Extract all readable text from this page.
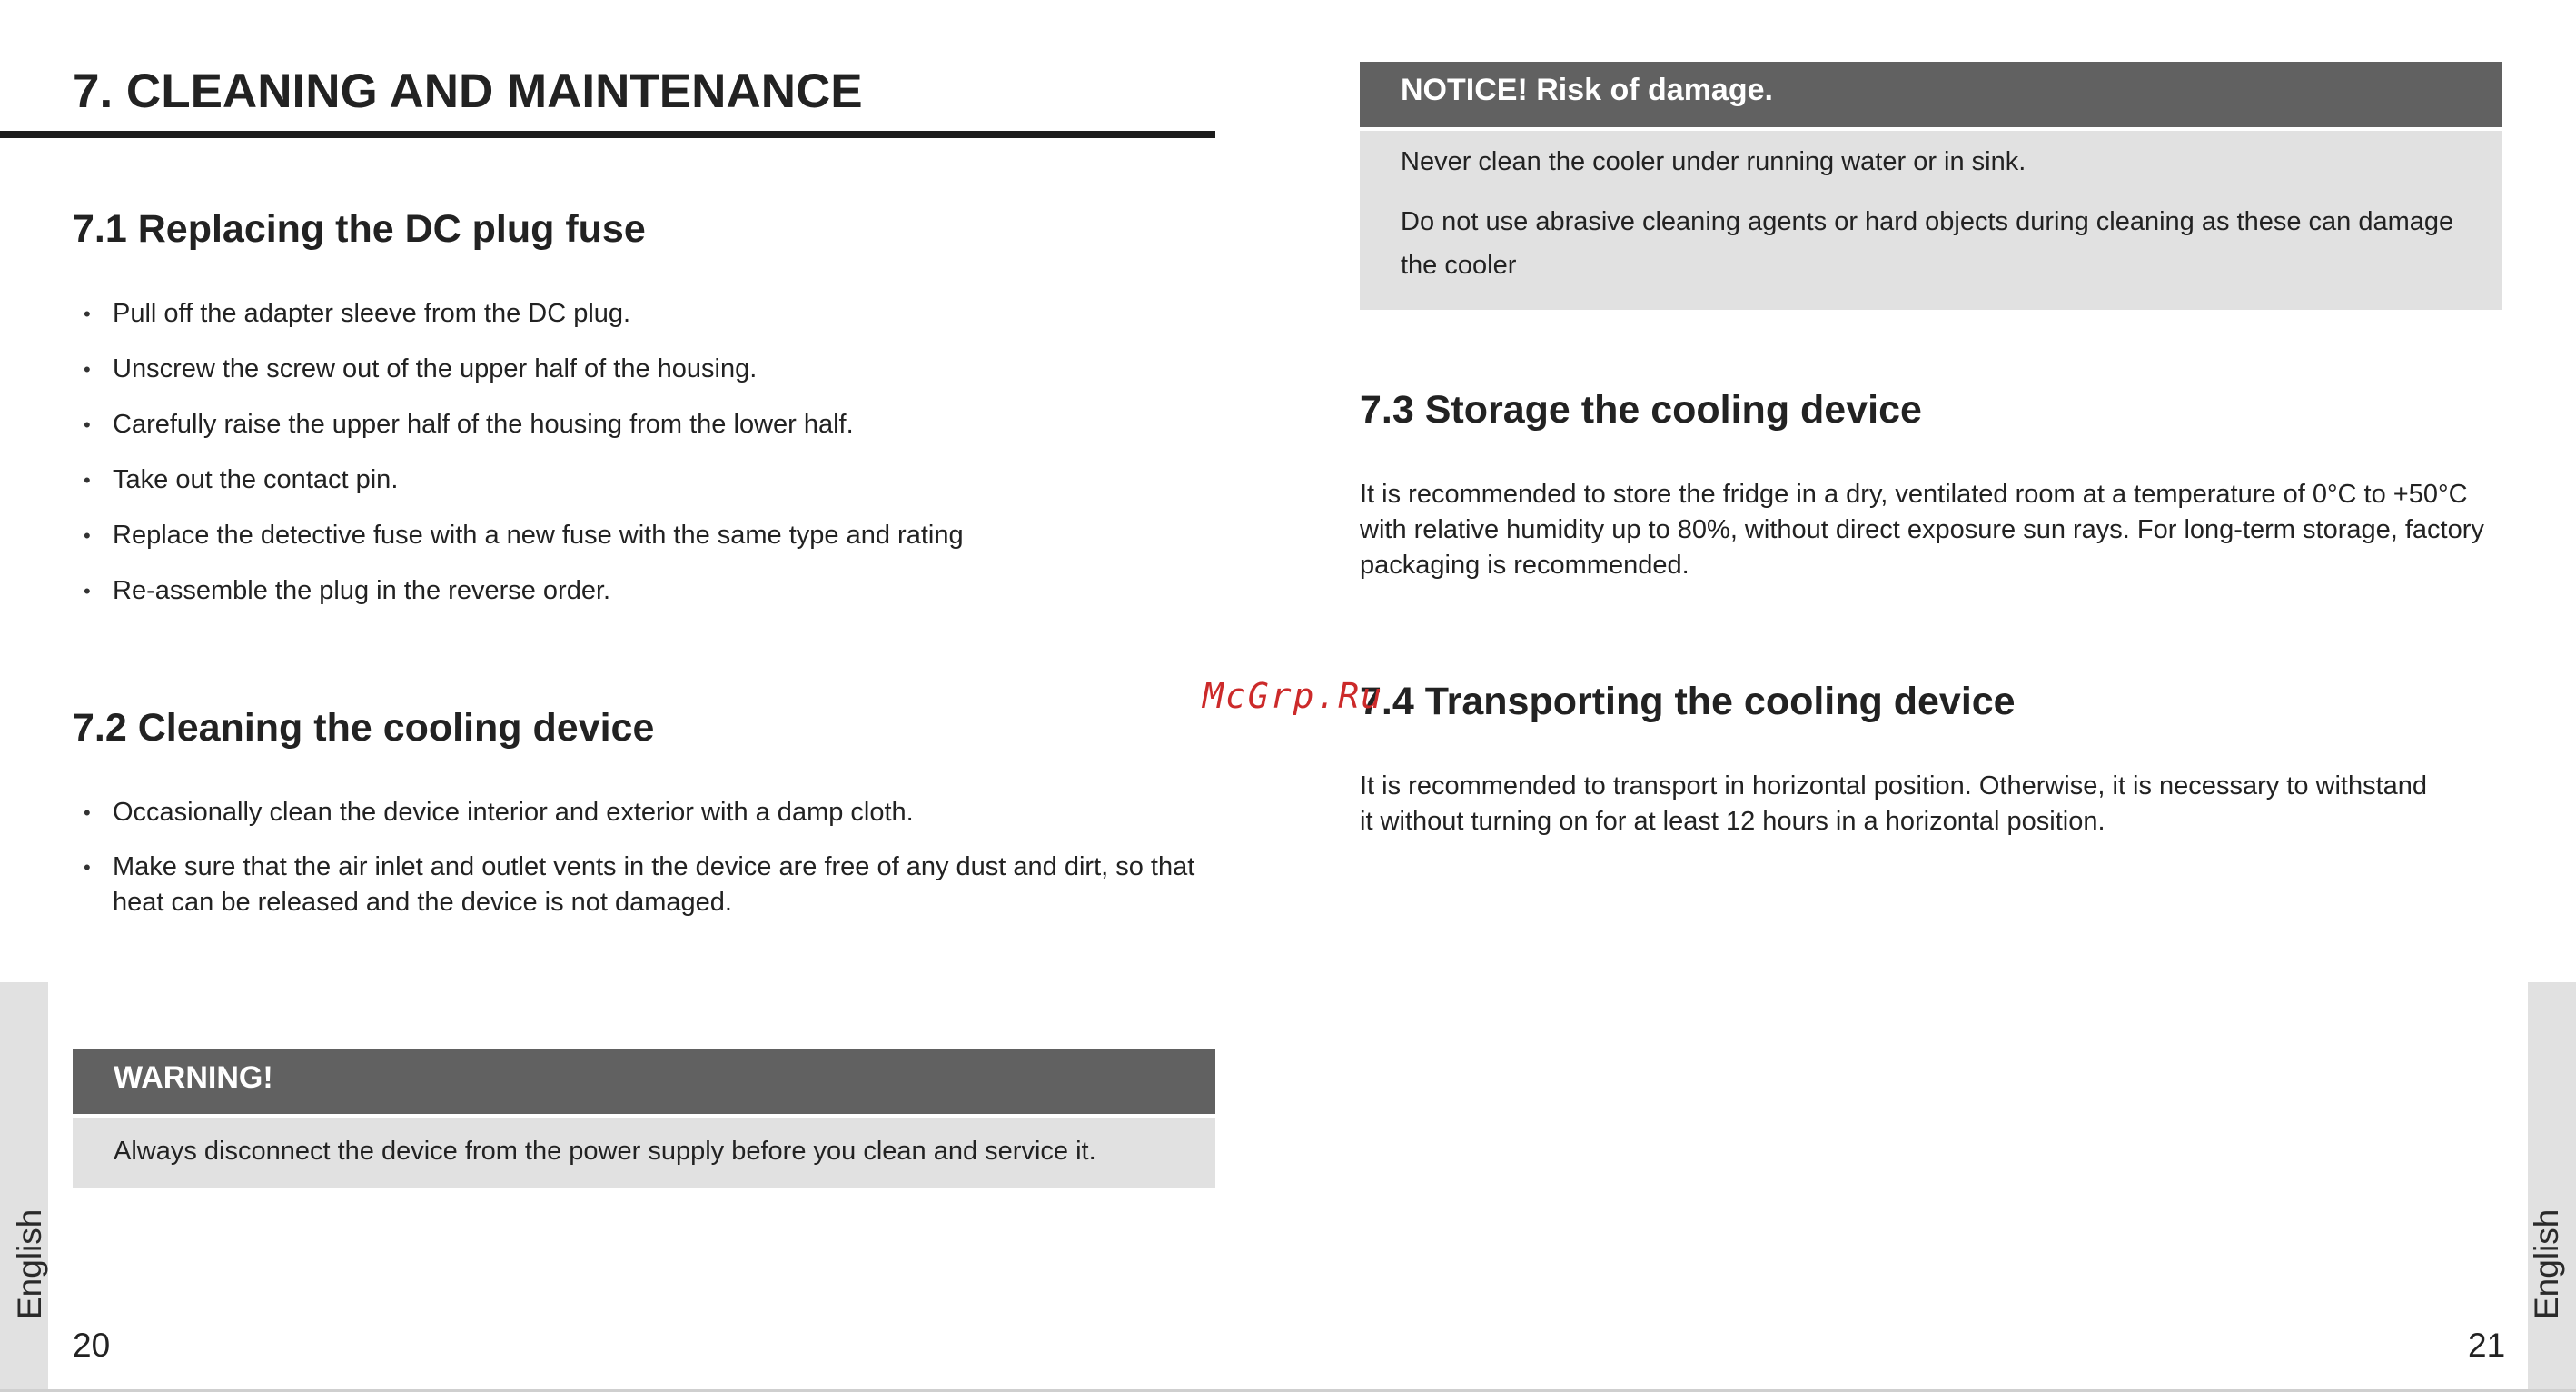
7. CLEANING AND MAINTENANCE
7.1 Replacing the DC plug fuse
• Pull off the adapter sleeve from the DC plug.
• Unscrew the screw out of the upper half of the housing.
• Carefully raise the upper half of the housing from the lower half.
• Take out the contact pin.
• Replace the detective fuse with a new fuse with the same type and rating
• Re-assemble the plug in the reverse order.
7.2 Cleaning the cooling device
• Occasionally clean the device interior and exterior with a damp cloth.
• Make sure that the air inlet and outlet vents in the device are free of any dust and dirt, so that heat can be released and the device is not damaged.
WARNING!
Always disconnect the device from the power supply before you clean and service it.
English
20
NOTICE! Risk of damage.
Never clean the cooler under running water or in sink.
Do not use abrasive cleaning agents or hard objects during cleaning as these can damage the cooler
7.3 Storage the cooling device

It is recommended to store the fridge in a dry, ventilated room at a temperature of 0°C to +50°C with relative humidity up to 80%, without direct exposure sun rays. For long-term storage, factory packaging is recommended.

7.4 Transporting the cooling device

It is recommended to transport in horizontal position. Otherwise, it is necessary to withstand it without turning on for at least 12 hours in a horizontal position.

English
21
McGrp.Ru
